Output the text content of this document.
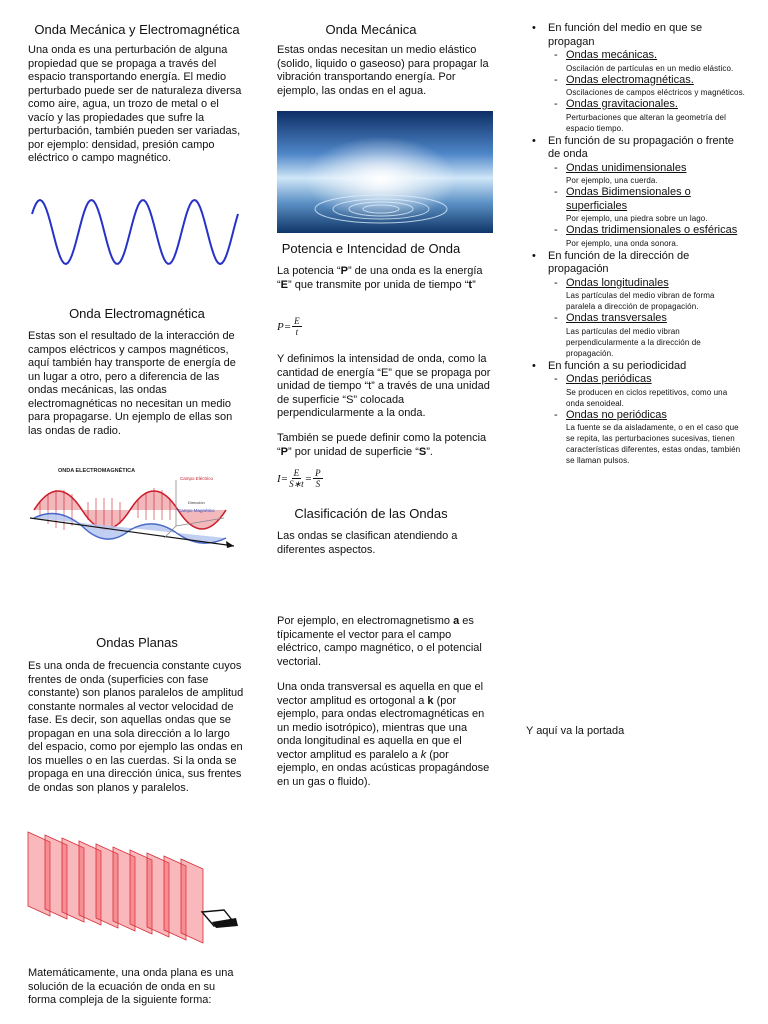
Onda Mecánica y Electromagnética
Una onda es una perturbación de alguna propiedad que se propaga a través del espacio transportando energía. El medio perturbado puede ser de naturaleza diversa como aire, agua, un trozo de metal o el vacío y las propiedades que sufre la perturbación, también pueden ser variadas, por ejemplo: densidad, presión campo eléctrico o campo magnético.
Onda Electromagnética
Estas son el resultado de la interacción de campos eléctricos y campos magnéticos, aquí también hay transporte de energía de un lugar a otro, pero a diferencia de las ondas mecánicas, las ondas electromagnéticas no necesitan un medio para propagarse. Un ejemplo de ellas son las ondas de radio.
ONDA ELECTROMAGNÉTICA
Campo Eléctrico
Dirección
Campo Magnético
Ondas Planas
Es una onda de frecuencia constante cuyos frentes de onda (superficies con fase constante) son planos paralelos de amplitud constante normales al vector velocidad de fase. Es decir, son aquellas ondas que se propagan en una sola dirección a lo largo del espacio, como por ejemplo las ondas en los muelles o en las cuerdas. Si la onda se propaga en una dirección única, sus frentes de ondas son planos y paralelos.
Matemáticamente, una onda plana es una solución de la ecuación de onda en su forma compleja de la siguiente forma:
Onda Mecánica
Estas ondas necesitan un medio elástico (solido, liquido o gaseoso) para propagar la vibración transportando energía. Por ejemplo, las ondas en el agua.
Potencia e Intencidad de Onda
La potencia “P” de una onda es la energía “E” que transmite por unida de tiempo “t”
$P= \frac{E}{t}$
Y definimos la intensidad de onda, como la cantidad de energía “E” que se propaga por unidad de tiempo “t” a través de una unidad de superficie “S” colocada perpendicularmente a la onda.
También se puede definir como la potencia “P” por unidad de superficie “S”.
$I= \frac{E}{S∗t} = \frac{P}{S}$
Clasificación de las Ondas
Las ondas se clasifican atendiendo a diferentes aspectos.
Por ejemplo, en electromagnetismo a es típicamente el vector para el campo eléctrico, campo magnético, o el potencial vectorial.
Una onda transversal es aquella en que el vector amplitud es ortogonal a k (por ejemplo, para ondas electromagnéticas en un medio isotrópico), mientras que una onda longitudinal es aquella en que el vector amplitud es paralelo a k (por ejemplo, en ondas acústicas propagándose en un gas o fluido).
• En función del medio en que se propagan
- Ondas mecánicas.
Oscilación de partículas en un medio elástico.
- Ondas electromagnéticas.
Oscilaciones de campos eléctricos y magnéticos.
- Ondas gravitacionales.
Perturbaciones que alteran la geometría del espacio tiempo.
• En función de su propagación o frente de onda
- Ondas unidimensionales
Por ejemplo, una cuerda.
- Ondas Bidimensionales o superficiales
Por ejemplo, una piedra sobre un lago.
- Ondas tridimensionales o esféricas
Por ejemplo, una onda sonora.
• En función de la dirección de propagación
- Ondas longitudinales
Las partículas del medio vibran de forma paralela a dirección de propagación.
- Ondas transversales
Las partículas del medio vibran perpendicularmente a la dirección de propagación.
• En función a su periodicidad
- Ondas periódicas
Se producen en ciclos repetitivos, como una onda senoideal.
- Ondas no periódicas
La fuente se da aisladamente, o en el caso que se repita, las perturbaciones sucesivas, tienen características diferentes, estas ondas, también se llaman pulsos.
Y aquí va la portada
